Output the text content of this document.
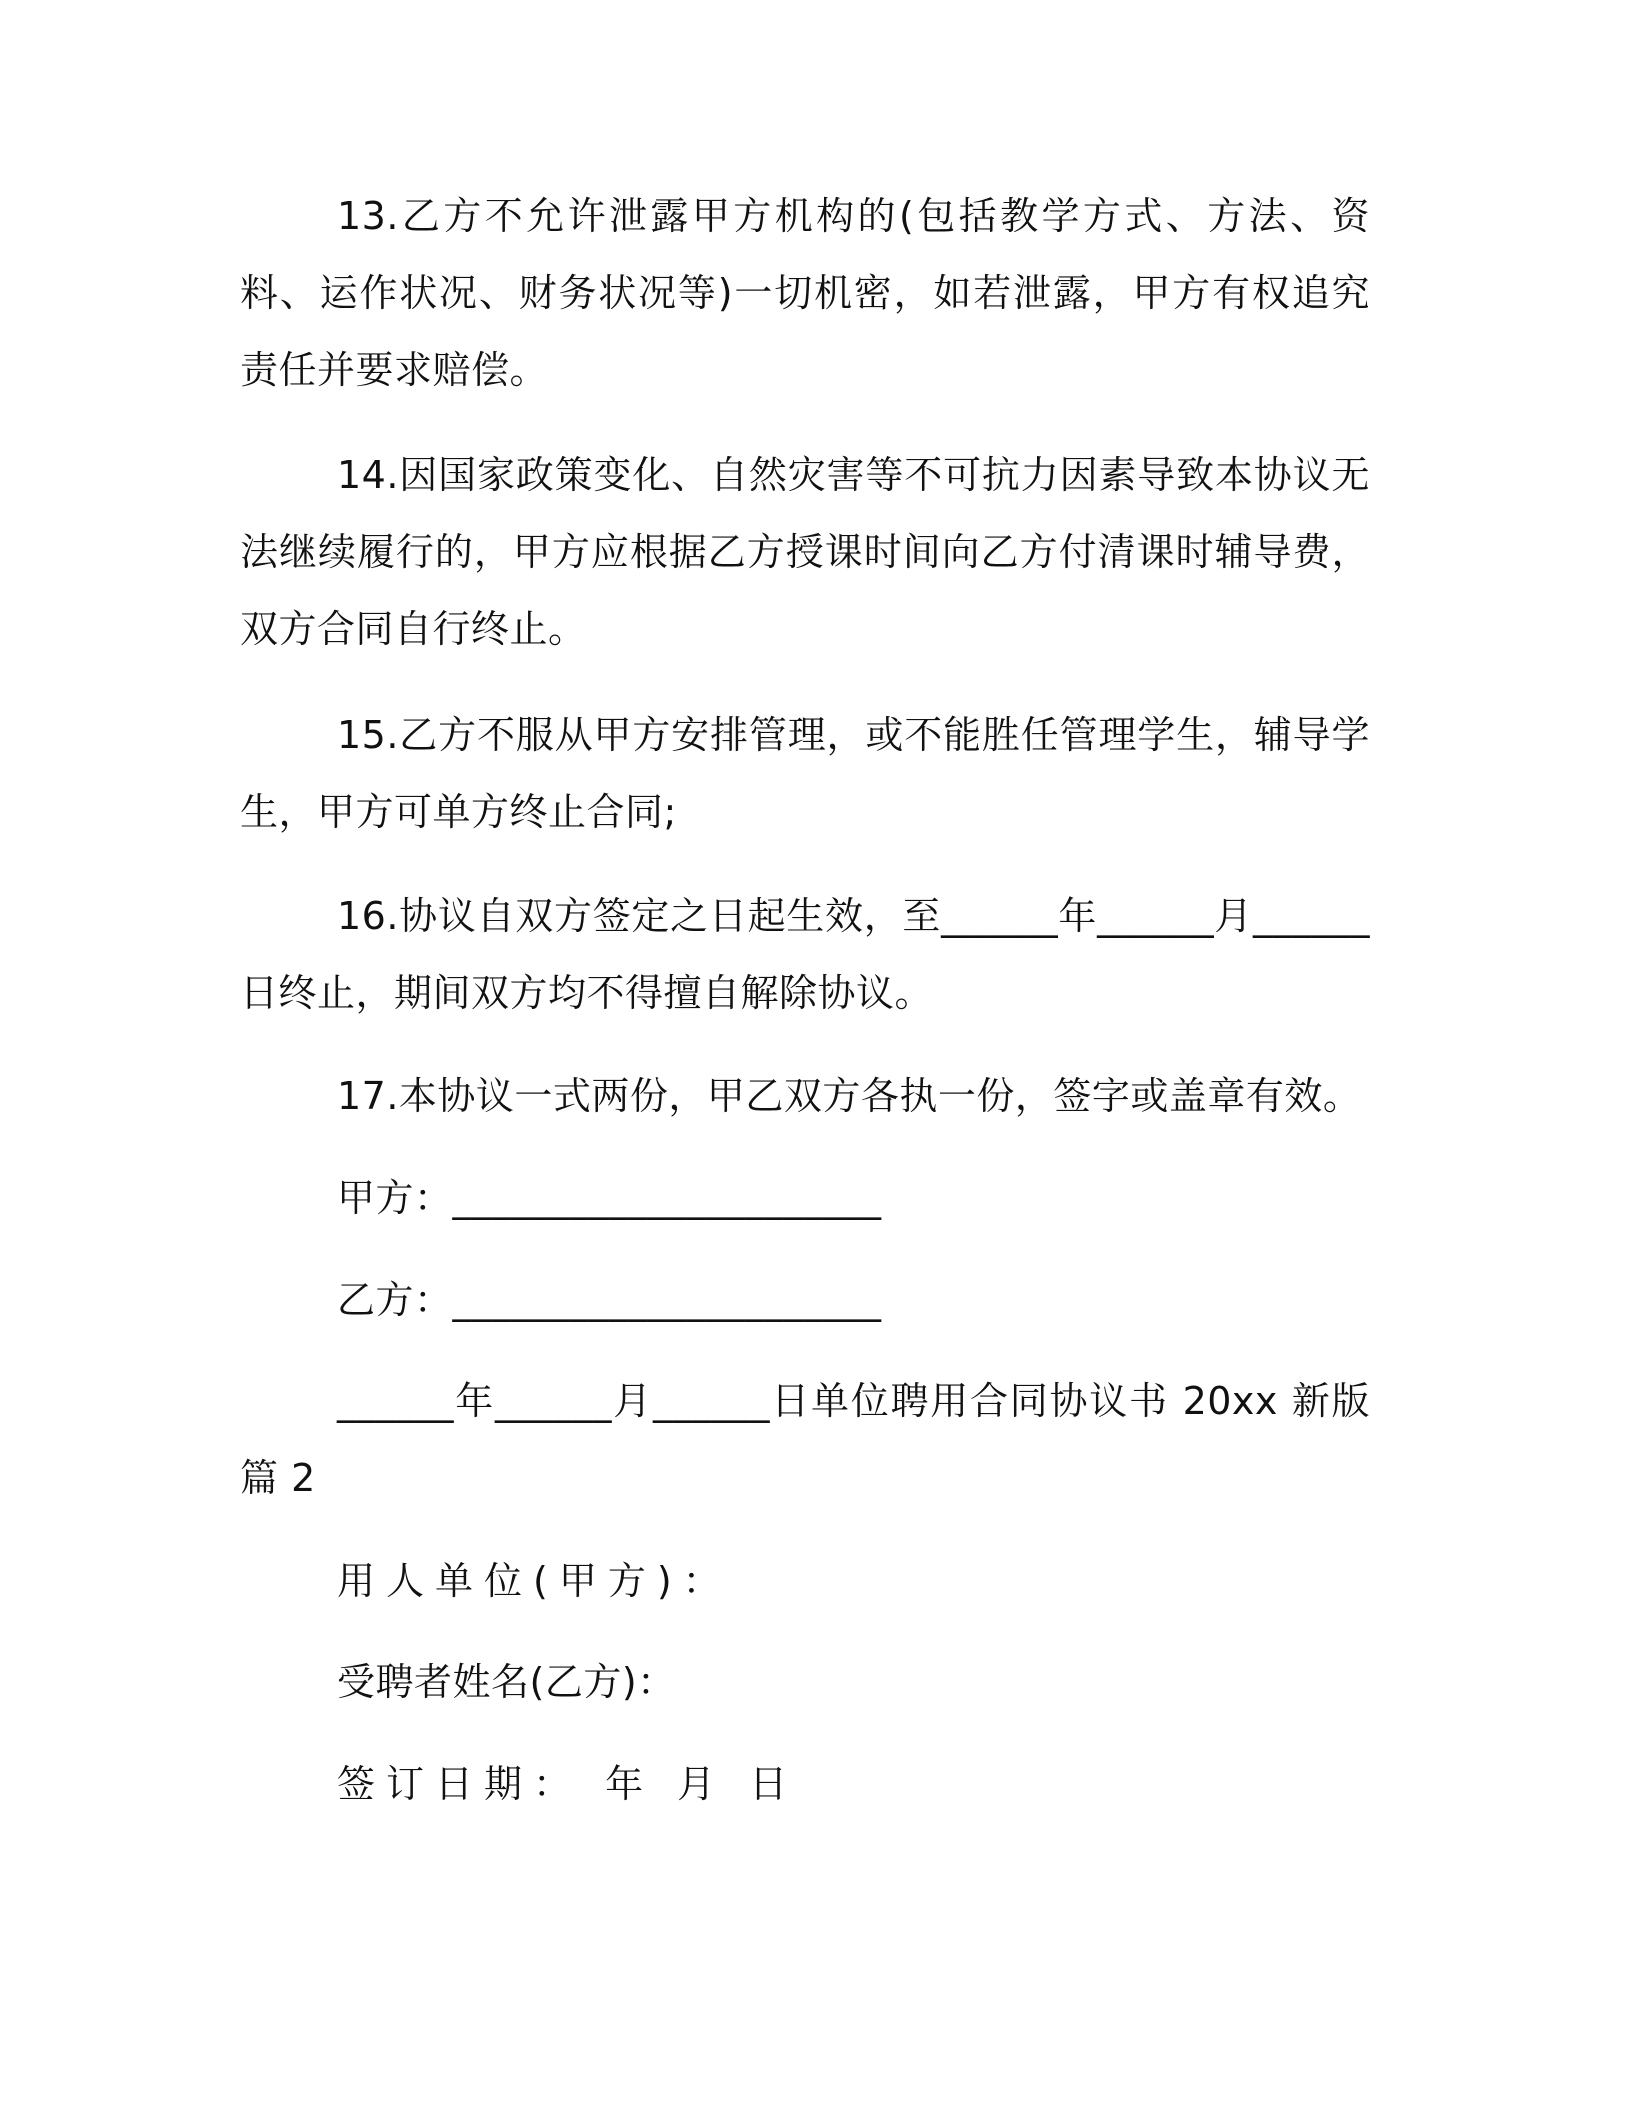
13.乙方不允许泄露甲方机构的(包括教学方式、方法、资料、运作状况、财务状况等)一切机密，如若泄露，甲方有权追究责任并要求赔偿。

14.因国家政策变化、自然灾害等不可抗力因素导致本协议无法继续履行的，甲方应根据乙方授课时间向乙方付清课时辅导费，双方合同自行终止。

15.乙方不服从甲方安排管理，或不能胜任管理学生，辅导学生，甲方可单方终止合同;

16.协议自双方签定之日起生效，至______年______月______日终止，期间双方均不得擅自解除协议。

17.本协议一式两份，甲乙双方各执一份，签字或盖章有效。

甲方：______________________

乙方：______________________

______年______月______日单位聘用合同协议书 20xx 新版 篇 2

用人单位(甲方)：

受聘者姓名(乙方)：

签订日期： 年 月 日
